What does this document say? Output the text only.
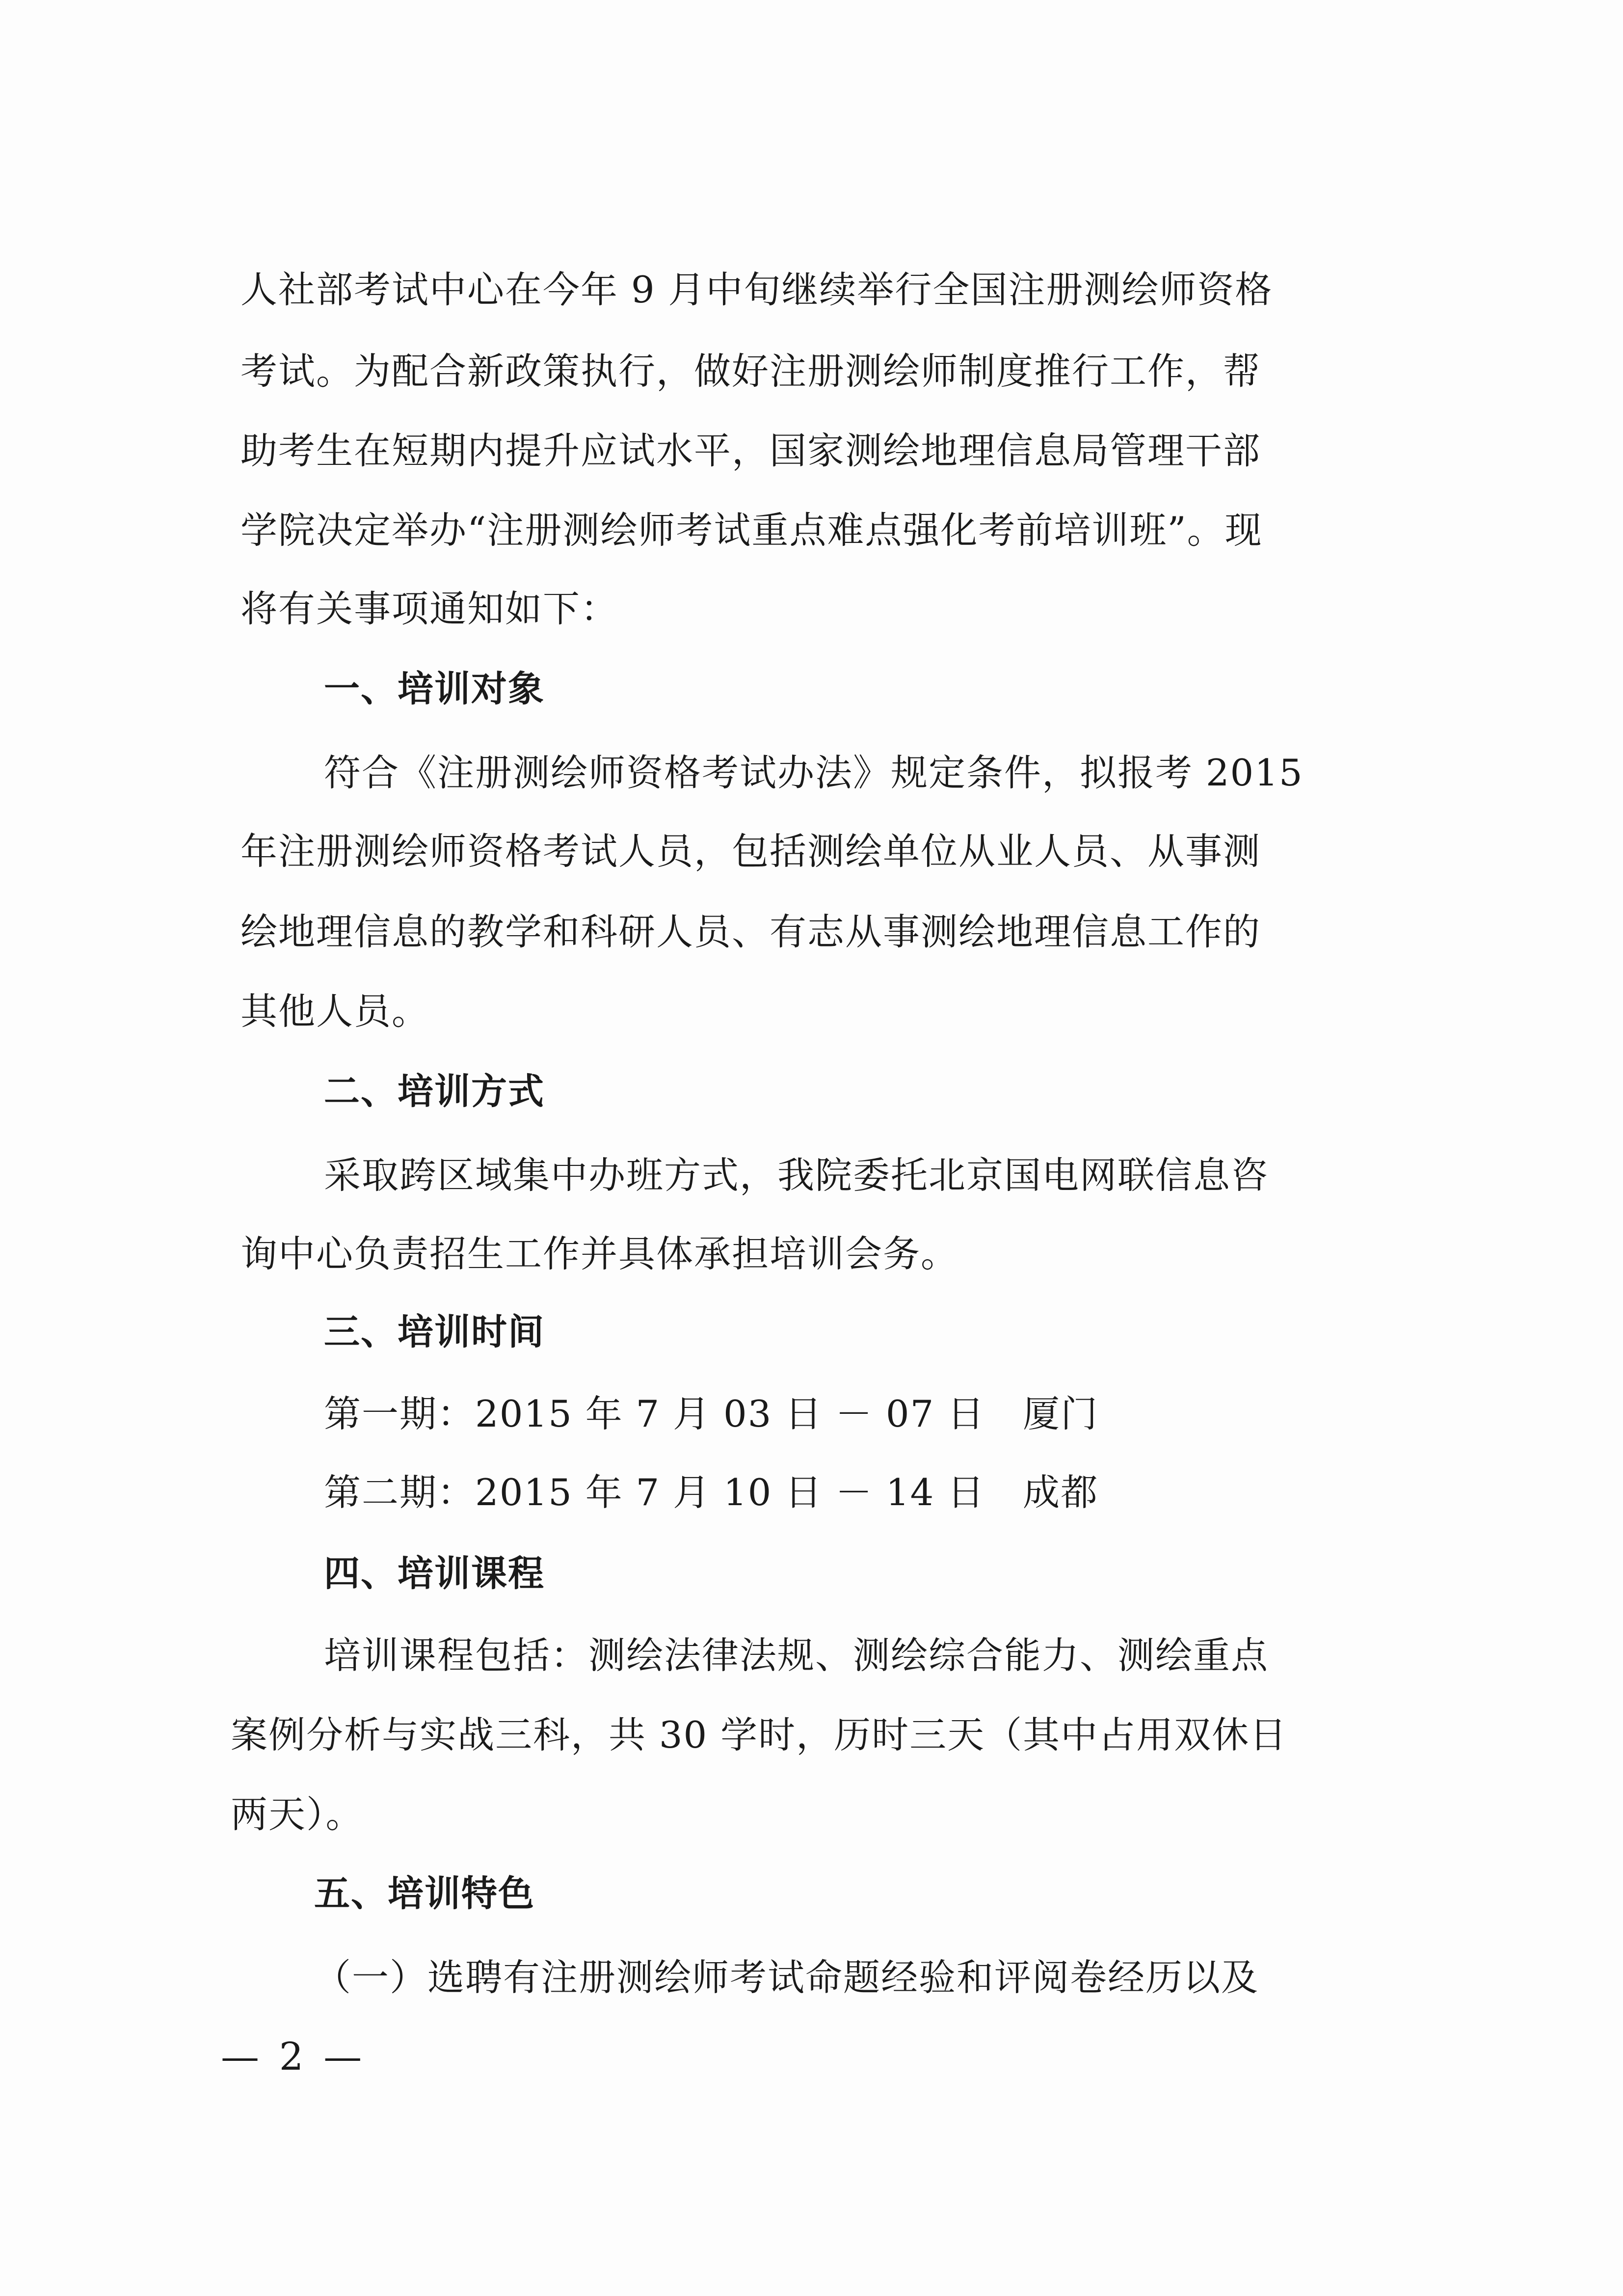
人社部考试中心在今年 9 月中旬继续举行全国注册测绘师资格
考试。为配合新政策执行，做好注册测绘师制度推行工作，帮
助考生在短期内提升应试水平，国家测绘地理信息局管理干部
学院决定举办“注册测绘师考试重点难点强化考前培训班”。现
将有关事项通知如下：
一、培训对象
符合《注册测绘师资格考试办法》规定条件，拟报考 2015
年注册测绘师资格考试人员，包括测绘单位从业人员、从事测
绘地理信息的教学和科研人员、有志从事测绘地理信息工作的
其他人员。
二、培训方式
采取跨区域集中办班方式，我院委托北京国电网联信息咨
询中心负责招生工作并具体承担培训会务。
三、培训时间
第一期：2015 年 7 月 03 日 － 07 日　厦门
第二期：2015 年 7 月 10 日 － 14 日　成都
四、培训课程
培训课程包括：测绘法律法规、测绘综合能力、测绘重点
案例分析与实战三科，共 30 学时，历时三天（其中占用双休日
两天）。
五、培训特色
（一）选聘有注册测绘师考试命题经验和评阅卷经历以及
— 2 —
